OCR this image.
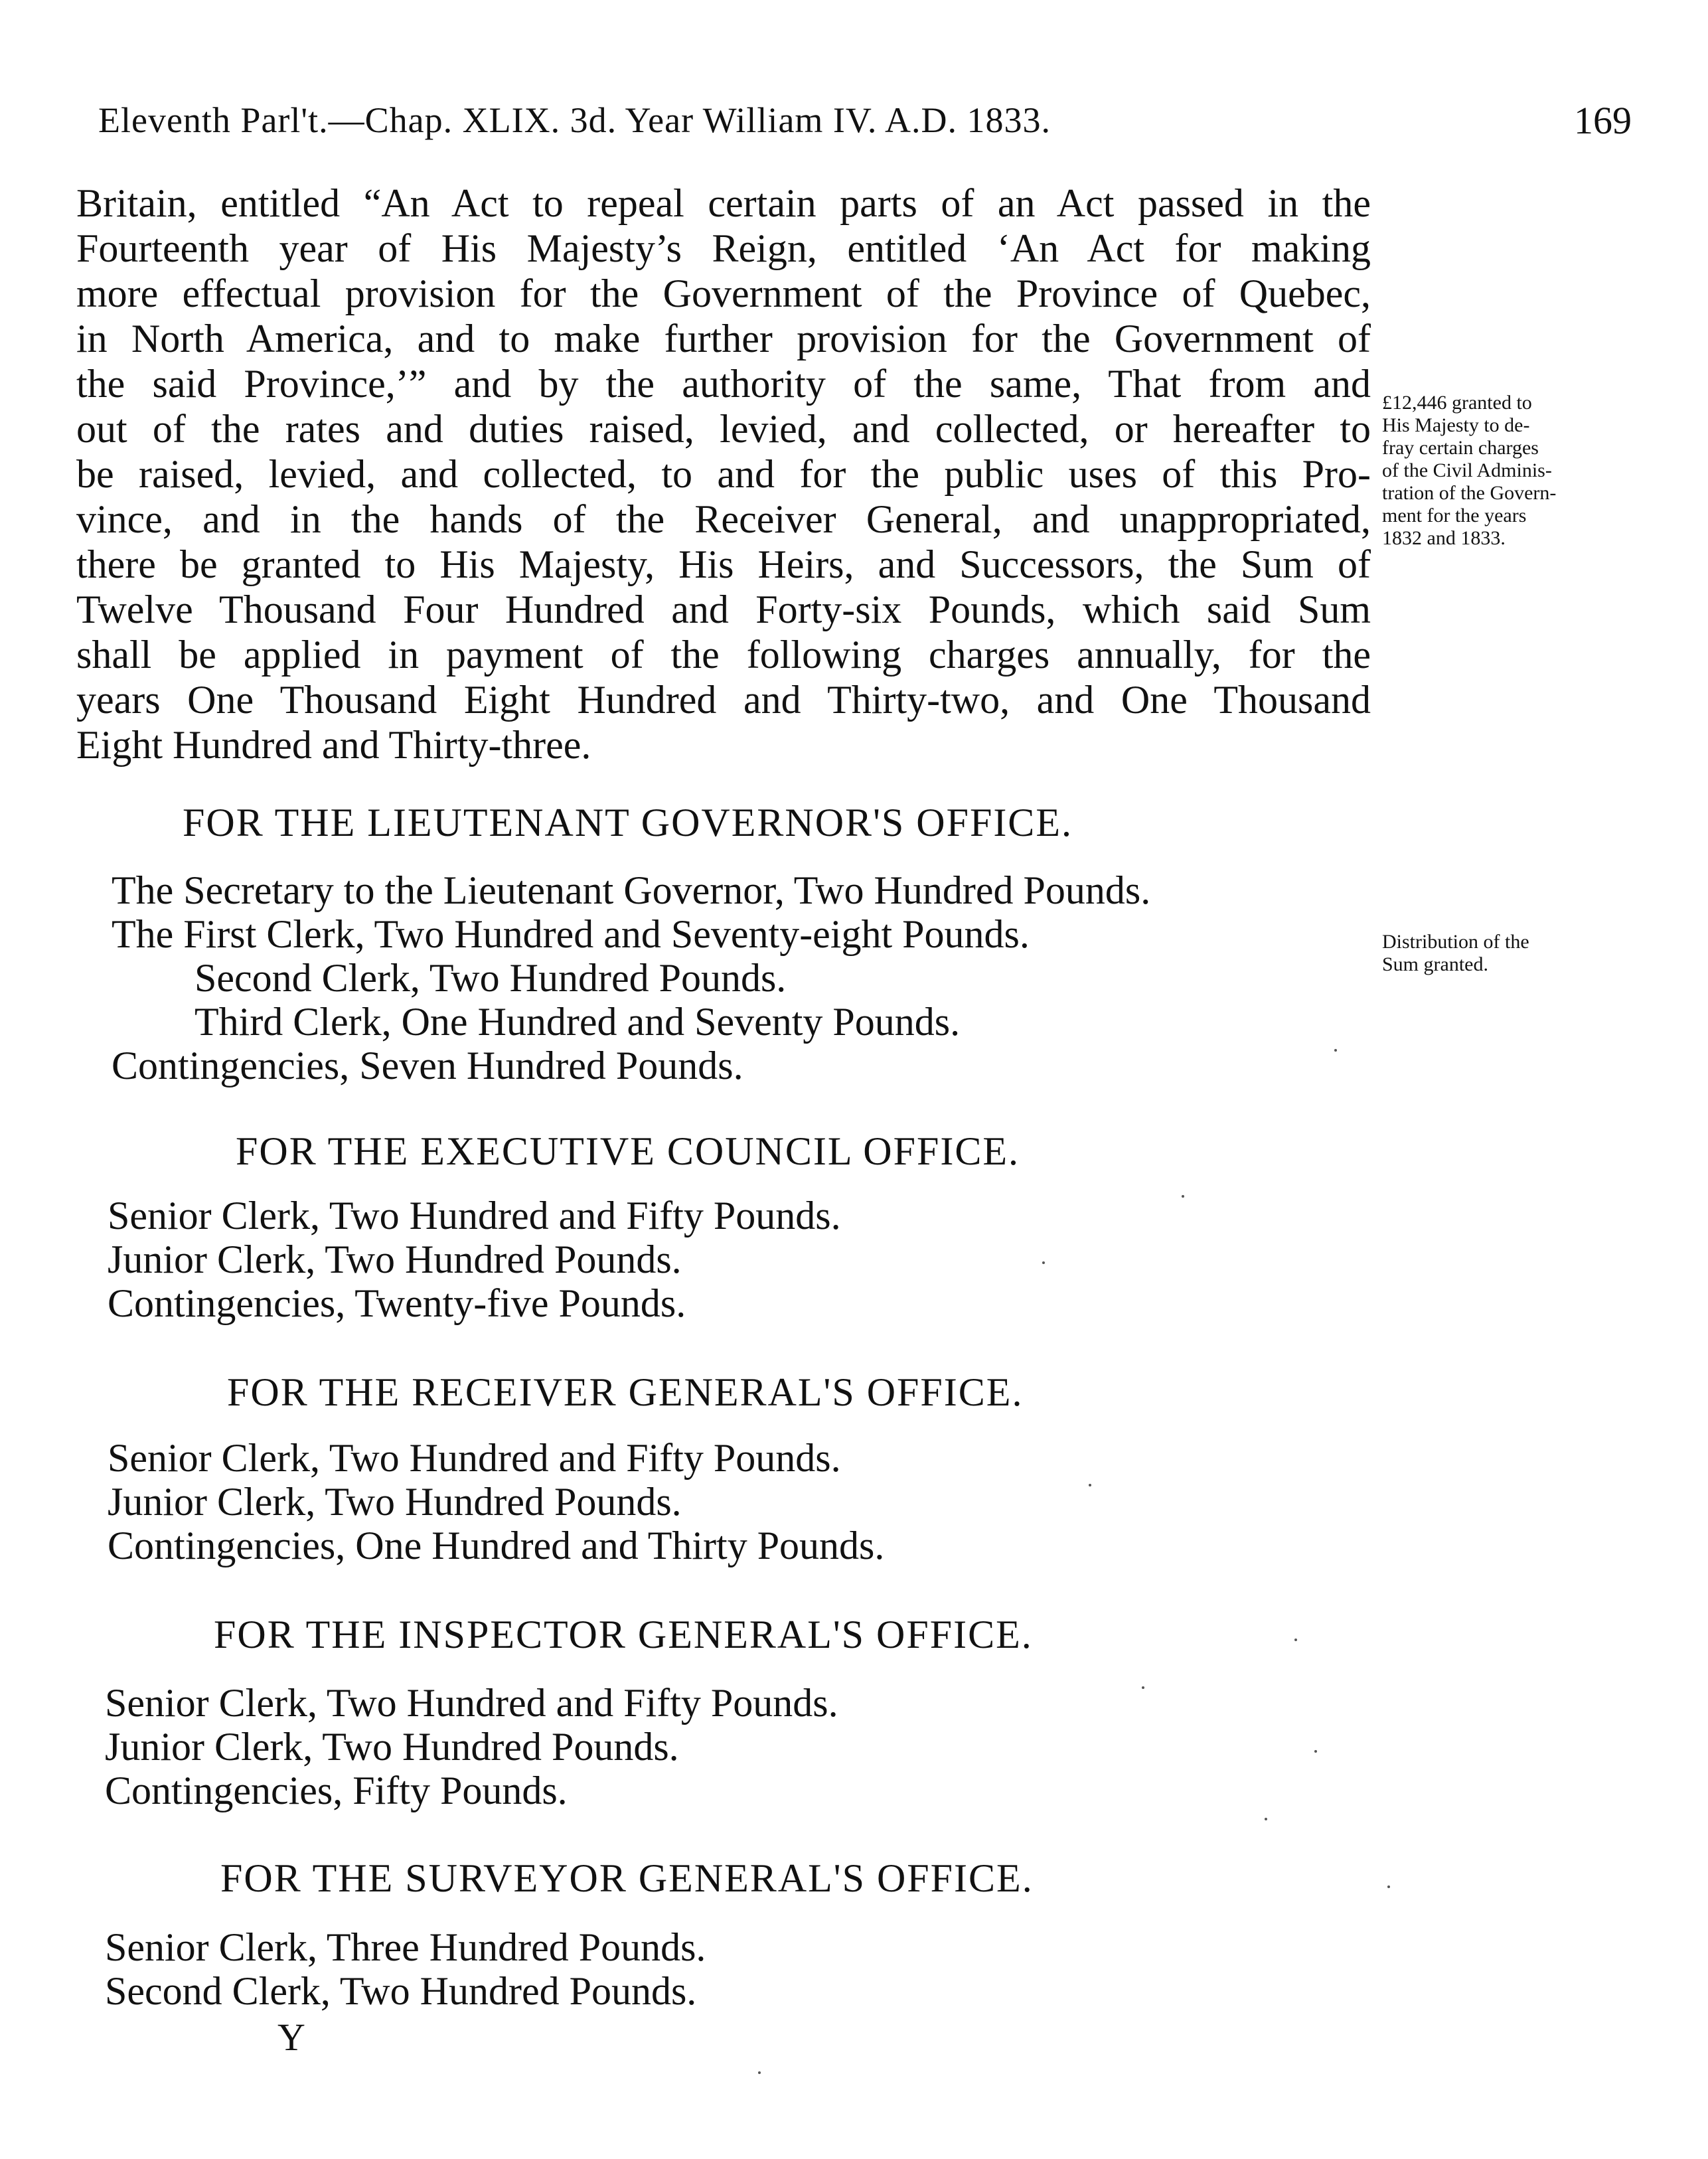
Eleventh Parl't.—Chap. XLIX. 3d. Year William IV. A.D. 1833.	169
Britain, entitled “An Act to repeal certain parts of an Act passed in the
Fourteenth year of His Majesty’s Reign, entitled ‘An Act for making
more effectual provision for the Government of the Province of Quebec,
in North America, and to make further provision for the Government of
the said Province,’” and by the authority of the same, That from and
out of the rates and duties raised, levied, and collected, or hereafter to
be raised, levied, and collected, to and for the public uses of this Pro-
vince, and in the hands of the Receiver General, and unappropriated,
there be granted to His Majesty, His Heirs, and Successors, the Sum of
Twelve Thousand Four Hundred and Forty-six Pounds, which said Sum
shall be applied in payment of the following charges annually, for the
years One Thousand Eight Hundred and Thirty-two, and One Thousand
Eight Hundred and Thirty-three.
£12,446 granted to
His Majesty to de-
fray certain charges
of the Civil Adminis-
tration of the Govern-
ment for the years
1832 and 1833.
Distribution of the
Sum granted.
FOR THE LIEUTENANT GOVERNOR'S OFFICE.
The Secretary to the Lieutenant Governor, Two Hundred Pounds.
The First Clerk, Two Hundred and Seventy-eight Pounds.
Second Clerk, Two Hundred Pounds.
Third Clerk, One Hundred and Seventy Pounds.
Contingencies, Seven Hundred Pounds.
FOR THE EXECUTIVE COUNCIL OFFICE.
Senior Clerk, Two Hundred and Fifty Pounds.
Junior Clerk, Two Hundred Pounds.
Contingencies, Twenty-five Pounds.
FOR THE RECEIVER GENERAL'S OFFICE.
Senior Clerk, Two Hundred and Fifty Pounds.
Junior Clerk, Two Hundred Pounds.
Contingencies, One Hundred and Thirty Pounds.
FOR THE INSPECTOR GENERAL'S OFFICE.
Senior Clerk, Two Hundred and Fifty Pounds.
Junior Clerk, Two Hundred Pounds.
Contingencies, Fifty Pounds.
FOR THE SURVEYOR GENERAL'S OFFICE.
Senior Clerk, Three Hundred Pounds.
Second Clerk, Two Hundred Pounds.
Y
